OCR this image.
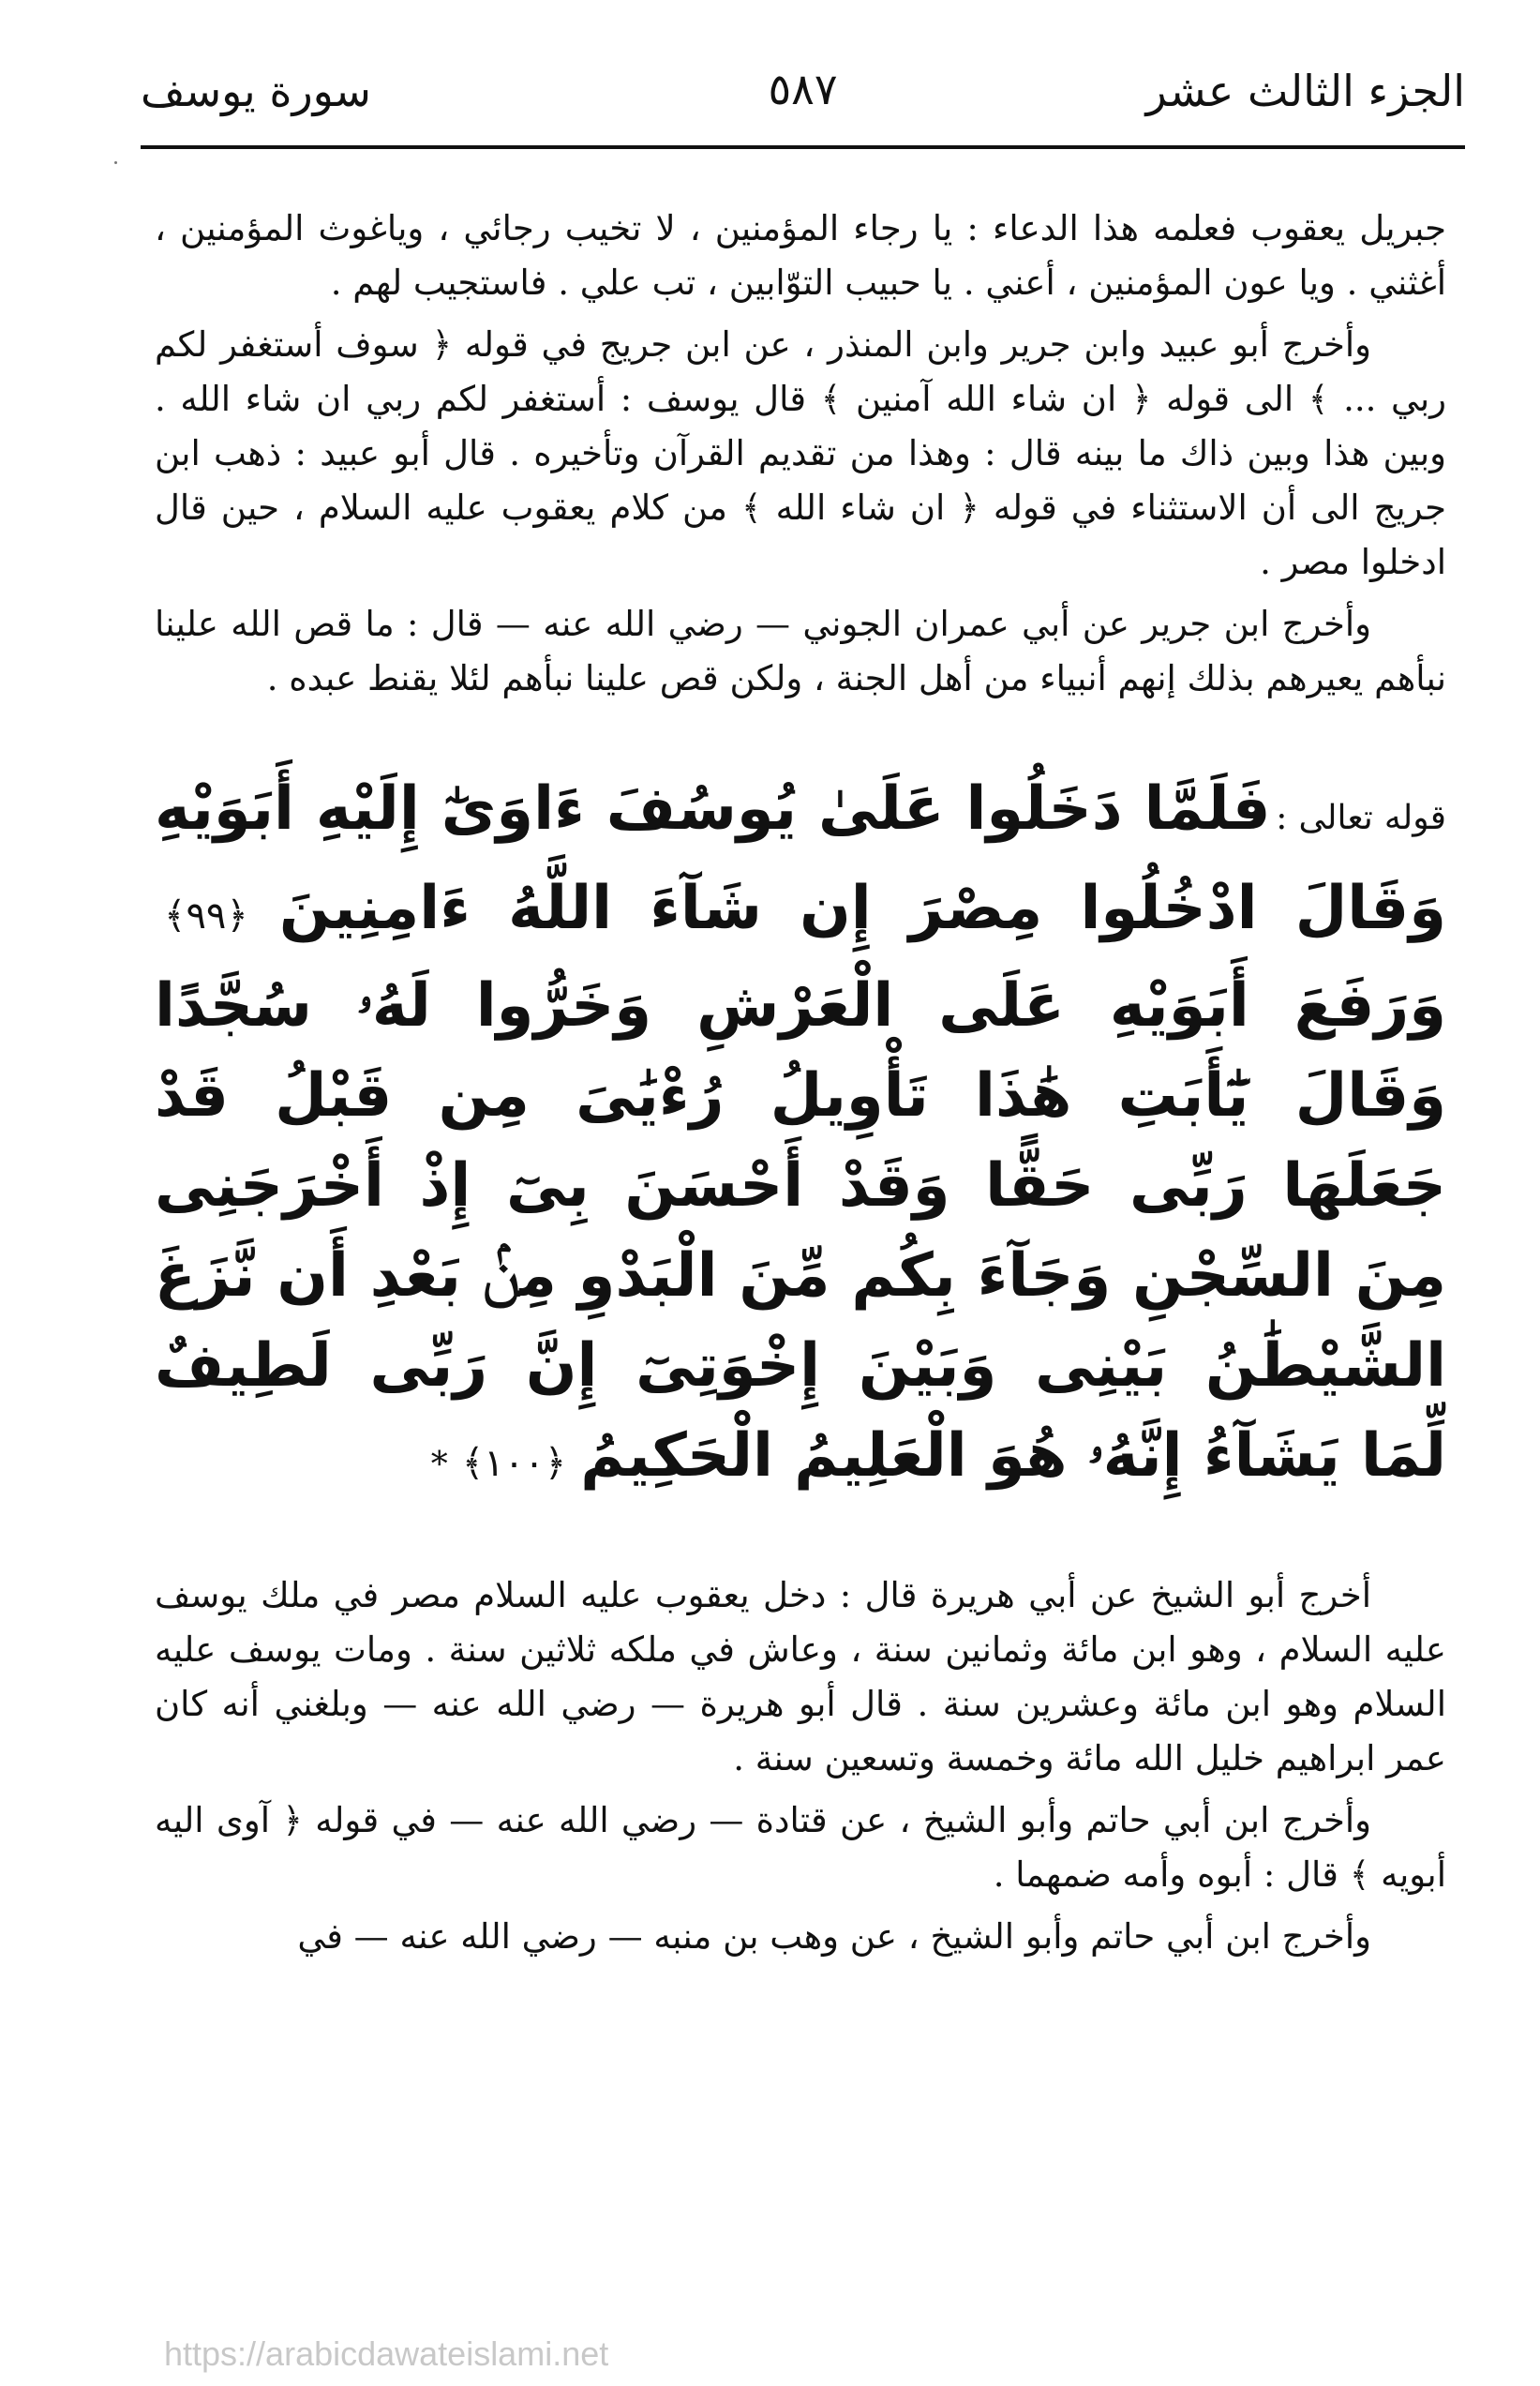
الجزء الثالث عشر
٥٨٧
سورة يوسف

جبريل يعقوب فعلمه هذا الدعاء : يا رجاء المؤمنين ، لا تخيب رجائي ، وياغوث المؤمنين ، أغثني . ويا عون المؤمنين ، أعني . يا حبيب التوّابين ، تب علي . فاستجيب لهم .

وأخرج أبو عبيد وابن جرير وابن المنذر ، عن ابن جريج في قوله ﴿ سوف أستغفر لكم ربي ... ﴾ الى قوله ﴿ ان شاء الله آمنين ﴾ قال يوسف : أستغفر لكم ربي ان شاء الله . وبين هذا وبين ذاك ما بينه قال : وهذا من تقديم القرآن وتأخيره . قال أبو عبيد : ذهب ابن جريج الى أن الاستثناء في قوله ﴿ ان شاء الله ﴾ من كلام يعقوب عليه السلام ، حين قال ادخلوا مصر .

وأخرج ابن جرير عن أبي عمران الجوني — رضي الله عنه — قال : ما قص الله علينا نبأهم يعيرهم بذلك إنهم أنبياء من أهل الجنة ، ولكن قص علينا نبأهم لئلا يقنط عبده .

قوله تعالى : فَلَمَّا دَخَلُوا عَلَىٰ يُوسُفَ ءَاوَىٰٓ إِلَيْهِ أَبَوَيْهِ وَقَالَ ادْخُلُوا مِصْرَ إِن شَآءَ اللَّهُ ءَامِنِينَ ﴿٩٩﴾ وَرَفَعَ أَبَوَيْهِ عَلَى الْعَرْشِ وَخَرُّوا لَهُۥ سُجَّدًا وَقَالَ يَٰٓأَبَتِ هَٰذَا تَأْوِيلُ رُءْيَٰىَ مِن قَبْلُ قَدْ جَعَلَهَا رَبِّى حَقًّا وَقَدْ أَحْسَنَ بِىٓ إِذْ أَخْرَجَنِى مِنَ السِّجْنِ وَجَآءَ بِكُم مِّنَ الْبَدْوِ مِنۢ بَعْدِ أَن نَّزَغَ الشَّيْطَٰنُ بَيْنِى وَبَيْنَ إِخْوَتِىٓ إِنَّ رَبِّى لَطِيفٌ لِّمَا يَشَآءُ إِنَّهُۥ هُوَ الْعَلِيمُ الْحَكِيمُ ﴿١٠٠﴾ *

أخرج أبو الشيخ عن أبي هريرة قال : دخل يعقوب عليه السلام مصر في ملك يوسف عليه السلام ، وهو ابن مائة وثمانين سنة ، وعاش في ملكه ثلاثين سنة . ومات يوسف عليه السلام وهو ابن مائة وعشرين سنة . قال أبو هريرة — رضي الله عنه — وبلغني أنه كان عمر ابراهيم خليل الله مائة وخمسة وتسعين سنة .

وأخرج ابن أبي حاتم وأبو الشيخ ، عن قتادة — رضي الله عنه — في قوله ﴿ آوى اليه أبويه ﴾ قال : أبوه وأمه ضمهما .

وأخرج ابن أبي حاتم وأبو الشيخ ، عن وهب بن منبه — رضي الله عنه — في

https://arabicdawateislami.net
